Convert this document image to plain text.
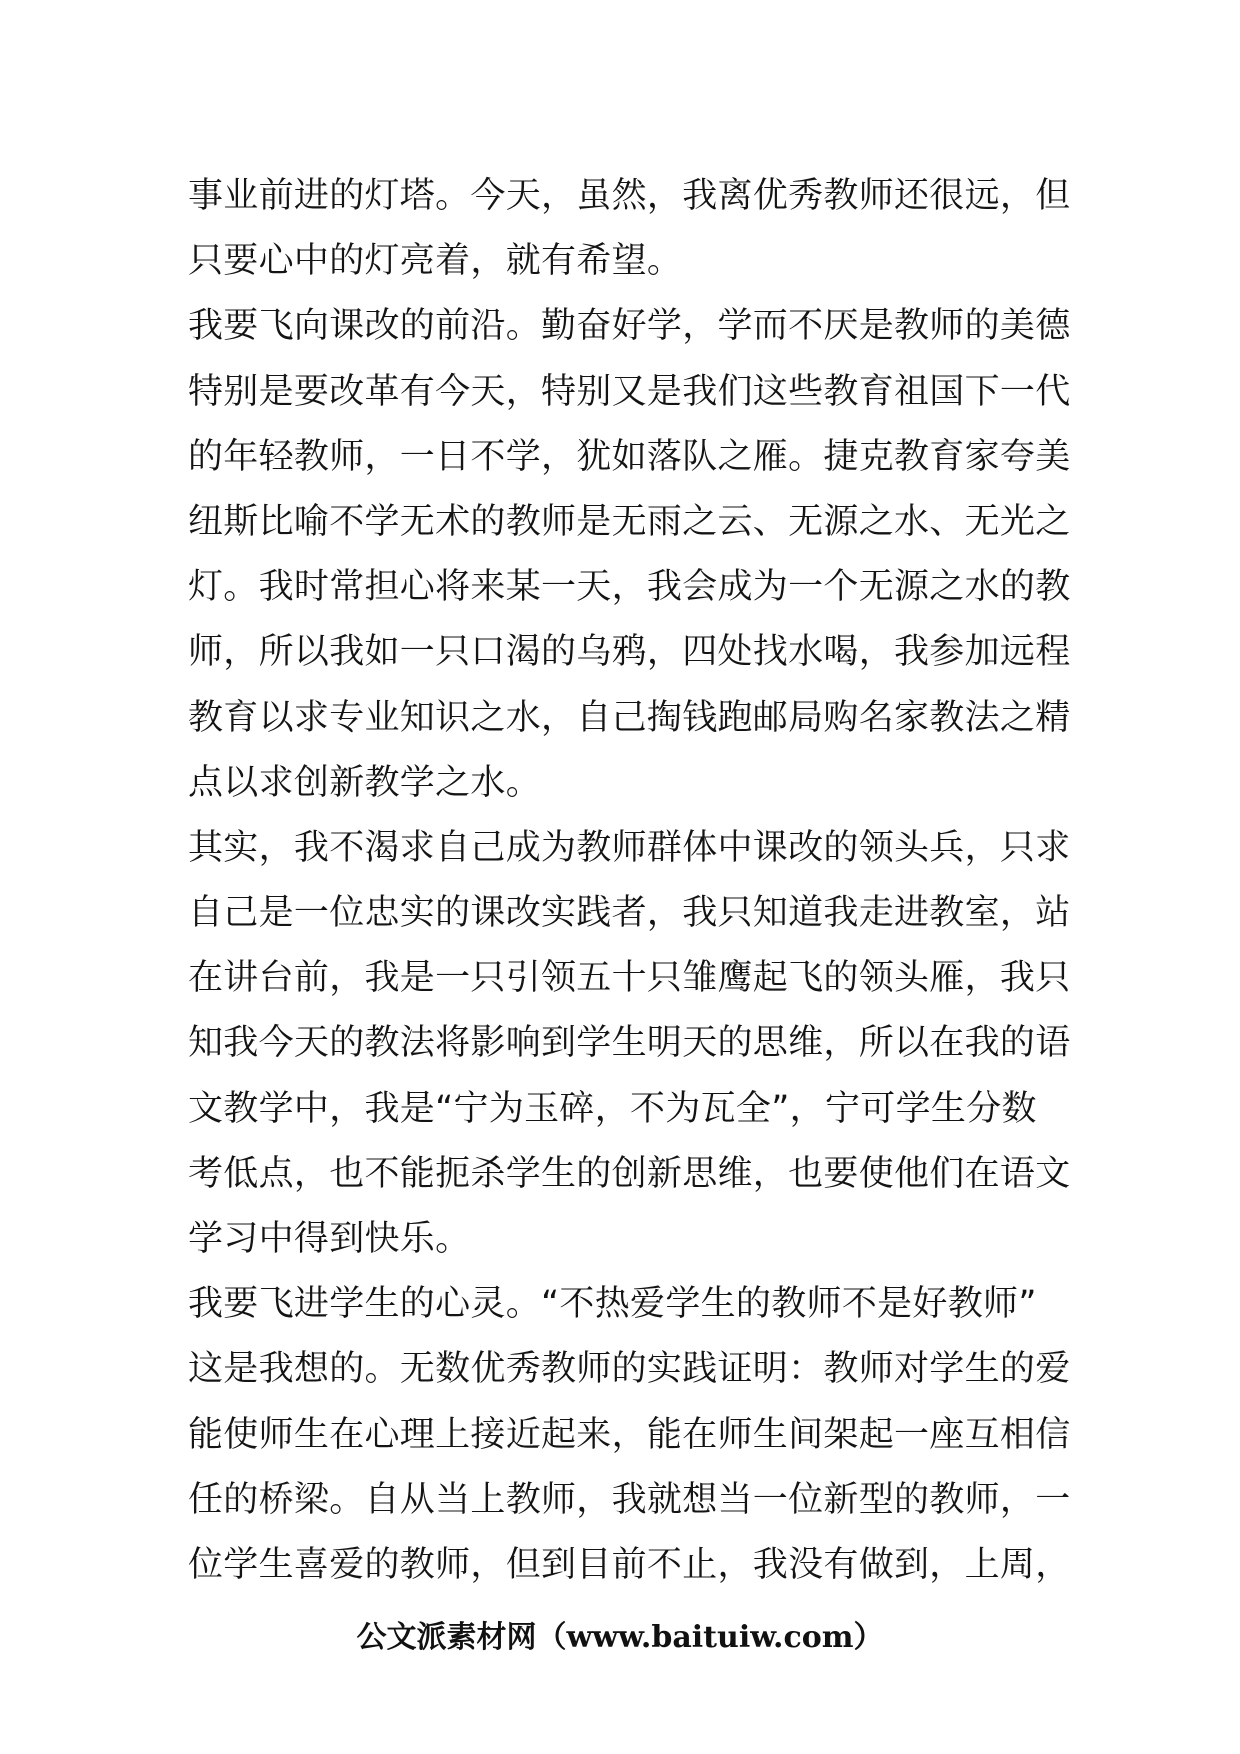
事业前进的灯塔。今天，虽然，我离优秀教师还很远，但
只要心中的灯亮着，就有希望。
我要飞向课改的前沿。勤奋好学，学而不厌是教师的美德
特别是要改革有今天，特别又是我们这些教育祖国下一代
的年轻教师，一日不学，犹如落队之雁。捷克教育家夸美
纽斯比喻不学无术的教师是无雨之云、无源之水、无光之
灯。我时常担心将来某一天，我会成为一个无源之水的教
师，所以我如一只口渴的乌鸦，四处找水喝，我参加远程
教育以求专业知识之水，自己掏钱跑邮局购名家教法之精
点以求创新教学之水。
其实，我不渴求自己成为教师群体中课改的领头兵，只求
自己是一位忠实的课改实践者，我只知道我走进教室，站
在讲台前，我是一只引领五十只雏鹰起飞的领头雁，我只
知我今天的教法将影响到学生明天的思维，所以在我的语
文教学中，我是“宁为玉碎，不为瓦全”，宁可学生分数
考低点，也不能扼杀学生的创新思维，也要使他们在语文
学习中得到快乐。
我要飞进学生的心灵。“不热爱学生的教师不是好教师”
这是我想的。无数优秀教师的实践证明：教师对学生的爱
能使师生在心理上接近起来，能在师生间架起一座互相信
任的桥梁。自从当上教师，我就想当一位新型的教师，一
位学生喜爱的教师，但到目前不止，我没有做到，上周，
公文派素材网（www.baituiw.com）
